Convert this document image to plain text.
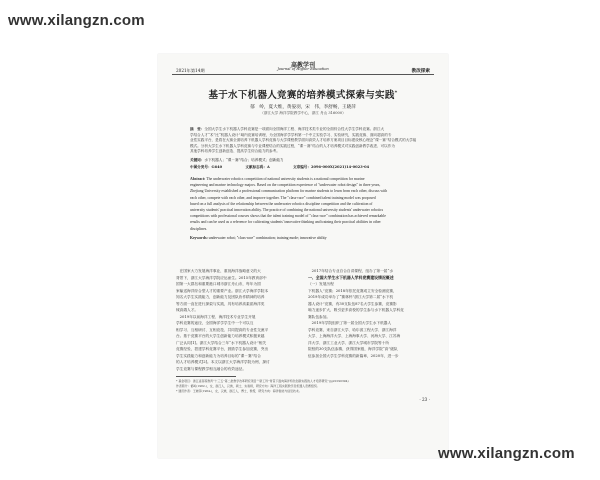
www.xilangzn.com
高教学刊
Journal of Higher Education
2021年第14期	教改探索
基于水下机器人竞赛的培养模式探索与实践*
郁　岭，夏大维，黄晏羽，宋　伟，李舒畅，王晓萍
（浙江大学 海洋学院教学中心，浙江 舟山 316000）
摘　要：全国大学生水下机器人学科竞赛是一项面向全国海洋工程、海洋技术类专业的全面综合性大学生学科竞赛。浙江大
学结合人才“术”比“机器人设计”域内竞赛培训理，为全国海洋学学科第一个中立实验学习、实验研究，实践竞赛、面向超高的专
业性实践平台，是将在大赛全面培养下机器人学科竞赛与大学课程教学面向高效人才培养方案项目目标建设核心理念“课－赛”结合模式的大学能
模式。分析大学生水下机器人学科竞赛与专业课程结合的实践过程，“课－赛”结合的人才培养模式对实践创新教学改进、可以作为
其他学科培养学生创新创造、提高学生综合能力的参考。
关键词：水下机器人；“课－赛”结合；培养模式；创新能力
中图分类号：G640	文献标志码：A	文章编号：2096-000X(2021)14-0023-04
Abstract: The underwater robotics competition of national university students is a national competition for marine
engineering and marine technology majors. Based on the competition experience of "underwater robot design" in three years,
Zhejiang University established a professional communication platform for marine students to learn from each other, discuss with
each other, compete with each other, and improve together. The "class-race" combined talent training model was proposed
based on a full analysis of the relationship between the underwater robotics discipline competition and the cultivation of
university students' practical innovation ability. The practice of combining the national university students' underwater robotics
competitions with professional courses shows that the talent training model of "class-race" combination has achieved remarkable
results and can be used as a reference for cultivating students' innovative thinking and training their practical abilities in other
disciplines.
Keywords: underwater robot; "class-race" combination; training mode; innovative ability
　在国家大力发展海洋事业，重视海洋战略意义的大
背景下，浙江大学海洋学院应运而生。2015年教育部中
国第一大群岛和重要港口城市浙江舟山市，每年为国
家输送海洋综合型人才的重要产业。浙江大学海洋学院本
知名大学生实践能力，创新能力及团队协作精神的培养
等方面一直在进行探索与实践，具有培养高素质海洋类
械高端人才。
　2019年以前海洋工程、海洋技术专业学生开展
学科竞赛的途径，全国海洋学学生中一个可以互
相学习、互相研讨、互相竞技、共同提高的专业性交流平
台。基于竞赛平台的大学生创新能力培养模式积极来越
广泛认同[1]。浙江大学结合三年“水下机器人设计”相关
竞赛经验，搭建学科竞赛平台，鼓励学生参加竞赛，突出
学生实践能力和创新能力为培养目标的“课－赛”结合
的人才培养模式[2]。本文以浙江大学海洋学院为例，探讨
学生竞赛与课程教学相互融合的有效途径。
　2017年结合专业自合自讲课程，组办了第一届“水
一、全国大学生水下机器人学科竞赛建设情况概述
（一）发展历程
下机器人”竞赛；2018年依托竞赛成立安全检测竞赛，
2019年成功举办了“赛林杯”浙江大学第二届“水下机
器人设计”竞赛，有30支队伍87名大学生参赛，竞赛影
响力逐步扩大，吸引更多高校的学生参与水下机器人学科竞
赛队伍参加。
　2019年学院组织了第一届全国大学生水下机器人
学科竞赛，来自浙江大学、哈尔滨工程大学、浙江海洋
大学、上海海洋大学、上海海事大学、河海大学、江苏海
洋大学、浙江工业大学、浙江大学城市学院等十所
院校的30支队伍参赛，获得国家级，海洋学院“高”级队
伍参加全国大学生学科竞赛的新篇章，2020年，进一步
* 基金项目：浙江省高等教育“十三五”第二批教学改革研究项目““新工科”背景下面向海洋特色创新实践的人才培养研究”(jg20190394)
作者简介：郁岭(1982-)，女，浙江人，汉族，硕士，实验师，研究方向：海洋工程实践教学及机器人竞赛组织。
* 通讯作者：王晓萍(1964-)，女，汉族，浙江人，博士，教授，研究方向：海洋智能与信息技术。
· 23 ·
www.xilangzn.com
